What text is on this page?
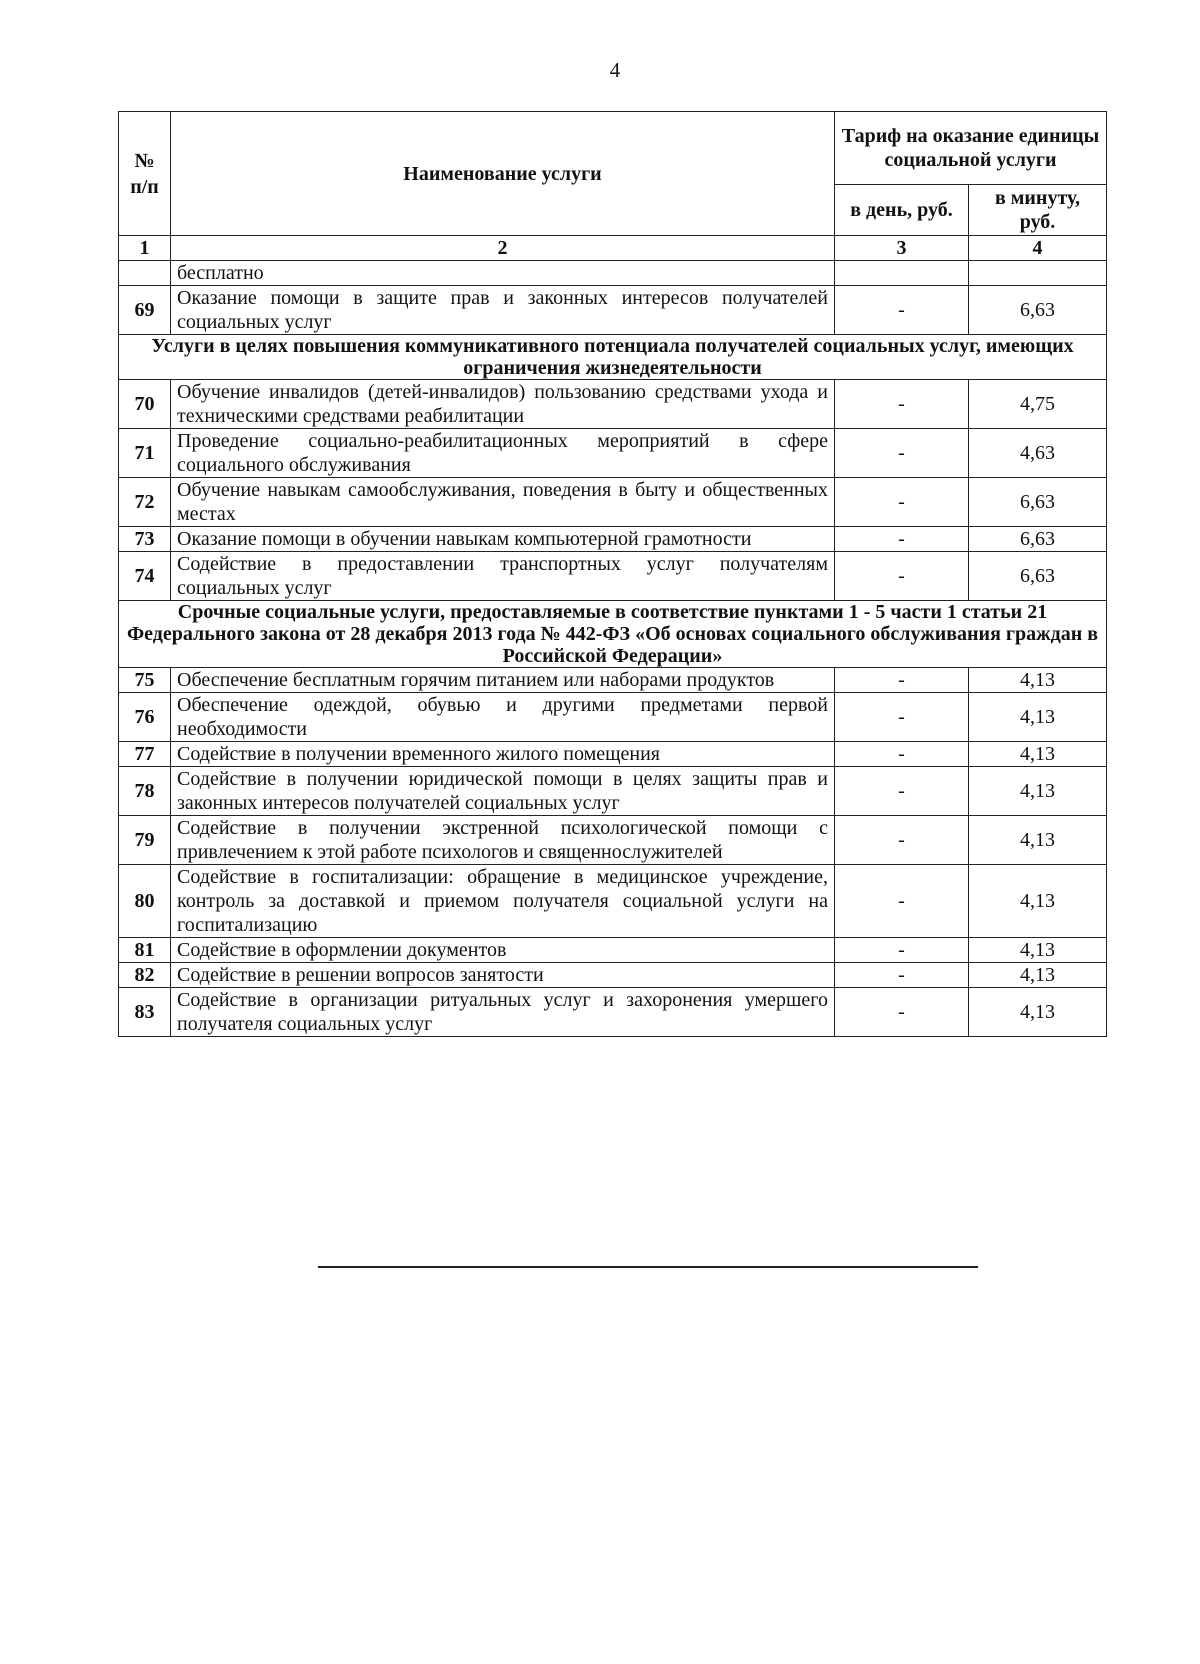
4
№ п/п	Наименование услуги	Тариф на оказание единицы социальной услуги	
		в день, руб.	в минуту, руб.
1	2	3	4
	бесплатно		
69	Оказание помощи в защите прав и законных интересов получателей социальных услуг	-	6,63
Услуги в целях повышения коммуникативного потенциала получателей социальных услуг, имеющих ограничения жизнедеятельности			
70	Обучение инвалидов (детей-инвалидов) пользованию средствами ухода и техническими средствами реабилитации	-	4,75
71	Проведение социально-реабилитационных мероприятий в сфере социального обслуживания	-	4,63
72	Обучение навыкам самообслуживания, поведения в быту и общественных местах	-	6,63
73	Оказание помощи в обучении навыкам компьютерной грамотности	-	6,63
74	Содействие в предоставлении транспортных услуг получателям социальных услуг	-	6,63
Срочные социальные услуги, предоставляемые в соответствие пунктами 1 - 5 части 1 статьи 21 Федерального закона от 28 декабря 2013 года № 442-ФЗ «Об основах социального обслуживания граждан в Российской Федерации»			
75	Обеспечение бесплатным горячим питанием или наборами продуктов	-	4,13
76	Обеспечение одеждой, обувью и другими предметами первой необходимости	-	4,13
77	Содействие в получении временного жилого помещения	-	4,13
78	Содействие в получении юридической помощи в целях защиты прав и законных интересов получателей социальных услуг	-	4,13
79	Содействие в получении экстренной психологической помощи с привлечением к этой работе психологов и священнослужителей	-	4,13
80	Содействие в госпитализации: обращение в медицинское учреждение, контроль за доставкой и приемом получателя социальной услуги на госпитализацию	-	4,13
81	Содействие в оформлении документов	-	4,13
82	Содействие в решении вопросов занятости	-	4,13
83	Содействие в организации ритуальных услуг и захоронения умершего получателя социальных услуг	-	4,13
